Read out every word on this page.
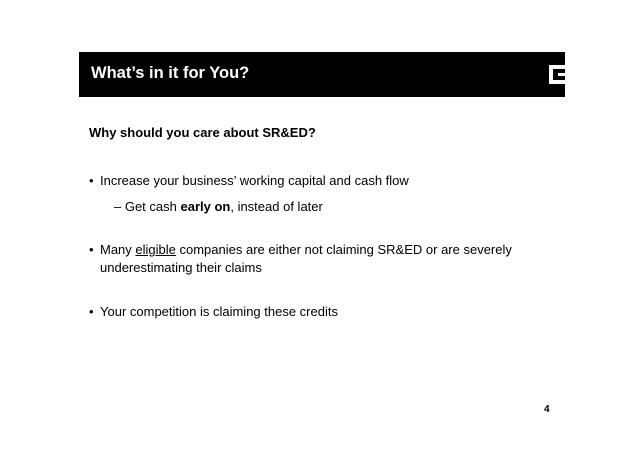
What’s in it for You?
Why should you care about SR&ED?
• Increase your business’ working capital and cash flow
– Get cash early on, instead of later
• Many eligible companies are either not claiming SR&ED or are severely
underestimating their claims
• Your competition is claiming these credits
4
